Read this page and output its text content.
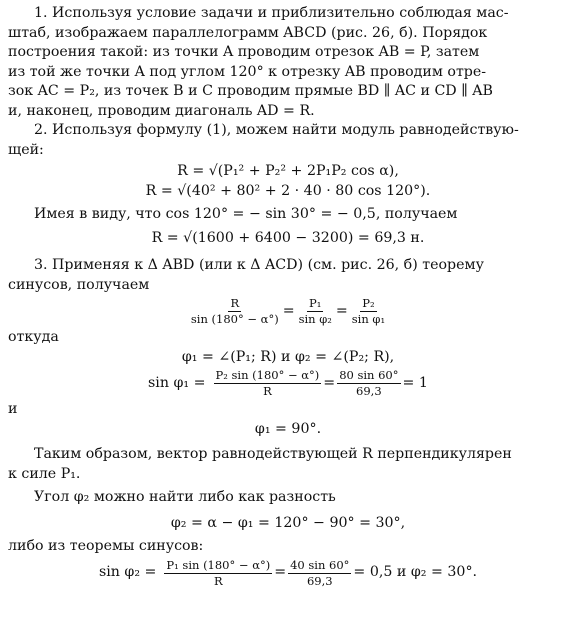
1. Используя условие задачи и приблизительно соблюдая мас-

штаб, изображаем параллелограмм ABCD (рис. 26, б). Порядок

построения такой: из точки A проводим отрезок AB = P, затем

из той же точки A под углом 120° к отрезку AB проводим отре-

зок AC = P₂, из точек B и C проводим прямые BD ∥ AC и CD ∥ AB

и, наконец, проводим диагональ AD = R.

2. Используя формулу (1), можем найти модуль равнодействую-

щей:

R = √(P₁² + P₂² + 2P₁P₂ cos α),

R = √(40² + 80² + 2 · 40 · 80 cos 120°).

Имея в виду, что cos 120° = − sin 30° = − 0,5, получаем

R = √(1600 + 6400 − 3200) = 69,3 н.

3. Применяя к Δ ABD (или к Δ ACD) (см. рис. 26, б) теорему

синусов, получаем

$\frac{R}{\sin (180^\circ - \alpha^\circ)} = \frac{\text{P₁}}{\text{sin φ₂}} = \frac{\text{P₂}}{\text{sin φ₁}}$

откуда

φ₁ = ∠(P₁; R) и φ₂ = ∠(P₂; R),

$\sin \varphi_1 = \frac{\text{P₂ sin (180° − α°)}}{R} = \frac{80 \sin 60^\circ}{69,3} = 1$

и

φ₁ = 90°.

Таким образом, вектор равнодействующей R перпендикулярен

к силе P₁.

Угол φ₂ можно найти либо как разность

φ₂ = α − φ₁ = 120° − 90° = 30°,

либо из теоремы синусов:

$\sin \varphi_2 = \frac{\text{P₁ sin (180° − α°)}}{R} = \frac{40 \sin 60^\circ}{69,3} = 0,5$ и φ₂ = 30°.
